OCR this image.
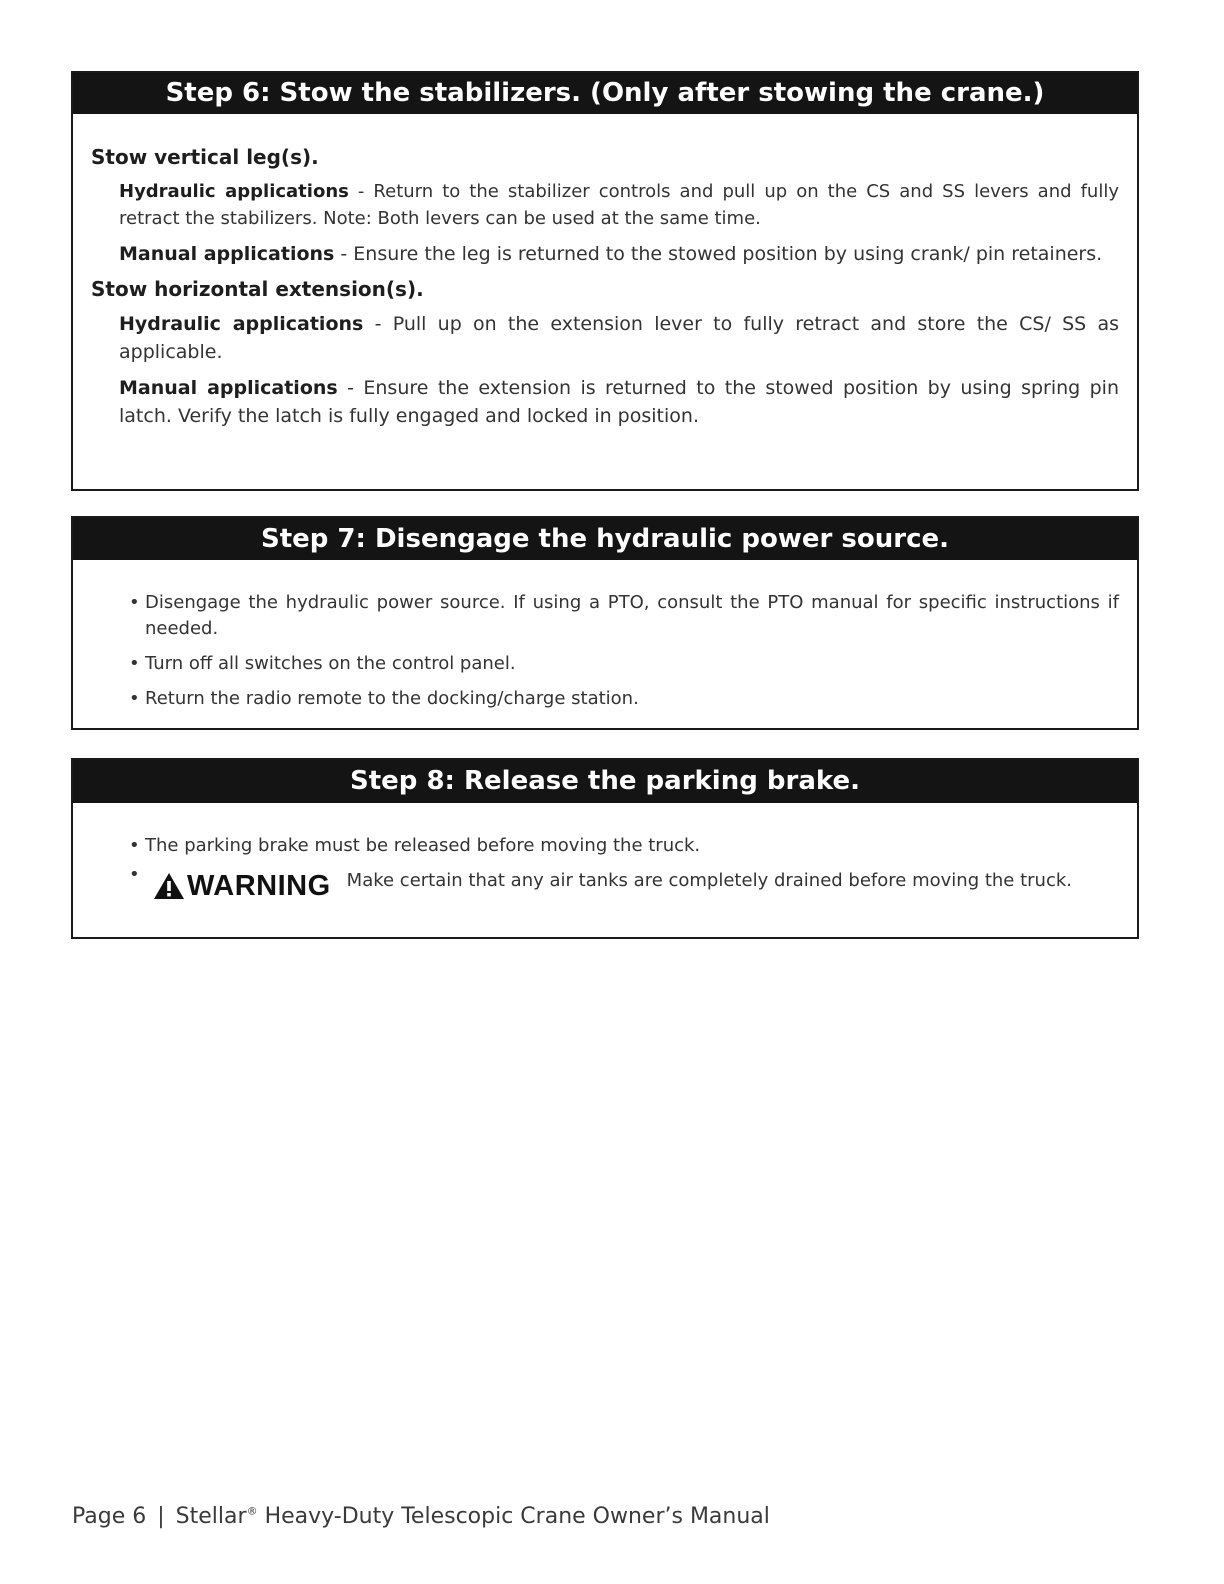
Step 6: Stow the stabilizers. (Only after stowing the crane.)

Stow vertical leg(s).

Hydraulic applications - Return to the stabilizer controls and pull up on the CS and SS levers and fully retract the stabilizers. Note: Both levers can be used at the same time.

Manual applications - Ensure the leg is returned to the stowed position by using crank/ pin retainers.

Stow horizontal extension(s).

Hydraulic applications - Pull up on the extension lever to fully retract and store the CS/ SS as applicable.

Manual applications - Ensure the extension is returned to the stowed position by using spring pin latch. Verify the latch is fully engaged and locked in position.

Step 7: Disengage the hydraulic power source.
• Disengage the hydraulic power source. If using a PTO, consult the PTO manual for specific instructions if needed.
• Turn off all switches on the control panel.
• Return the radio remote to the docking/charge station.
Step 8: Release the parking brake.
• The parking brake must be released before moving the truck.
• WARNING Make certain that any air tanks are completely drained before moving the truck.
Page 6 | Stellar® Heavy-Duty Telescopic Crane Owner’s Manual
